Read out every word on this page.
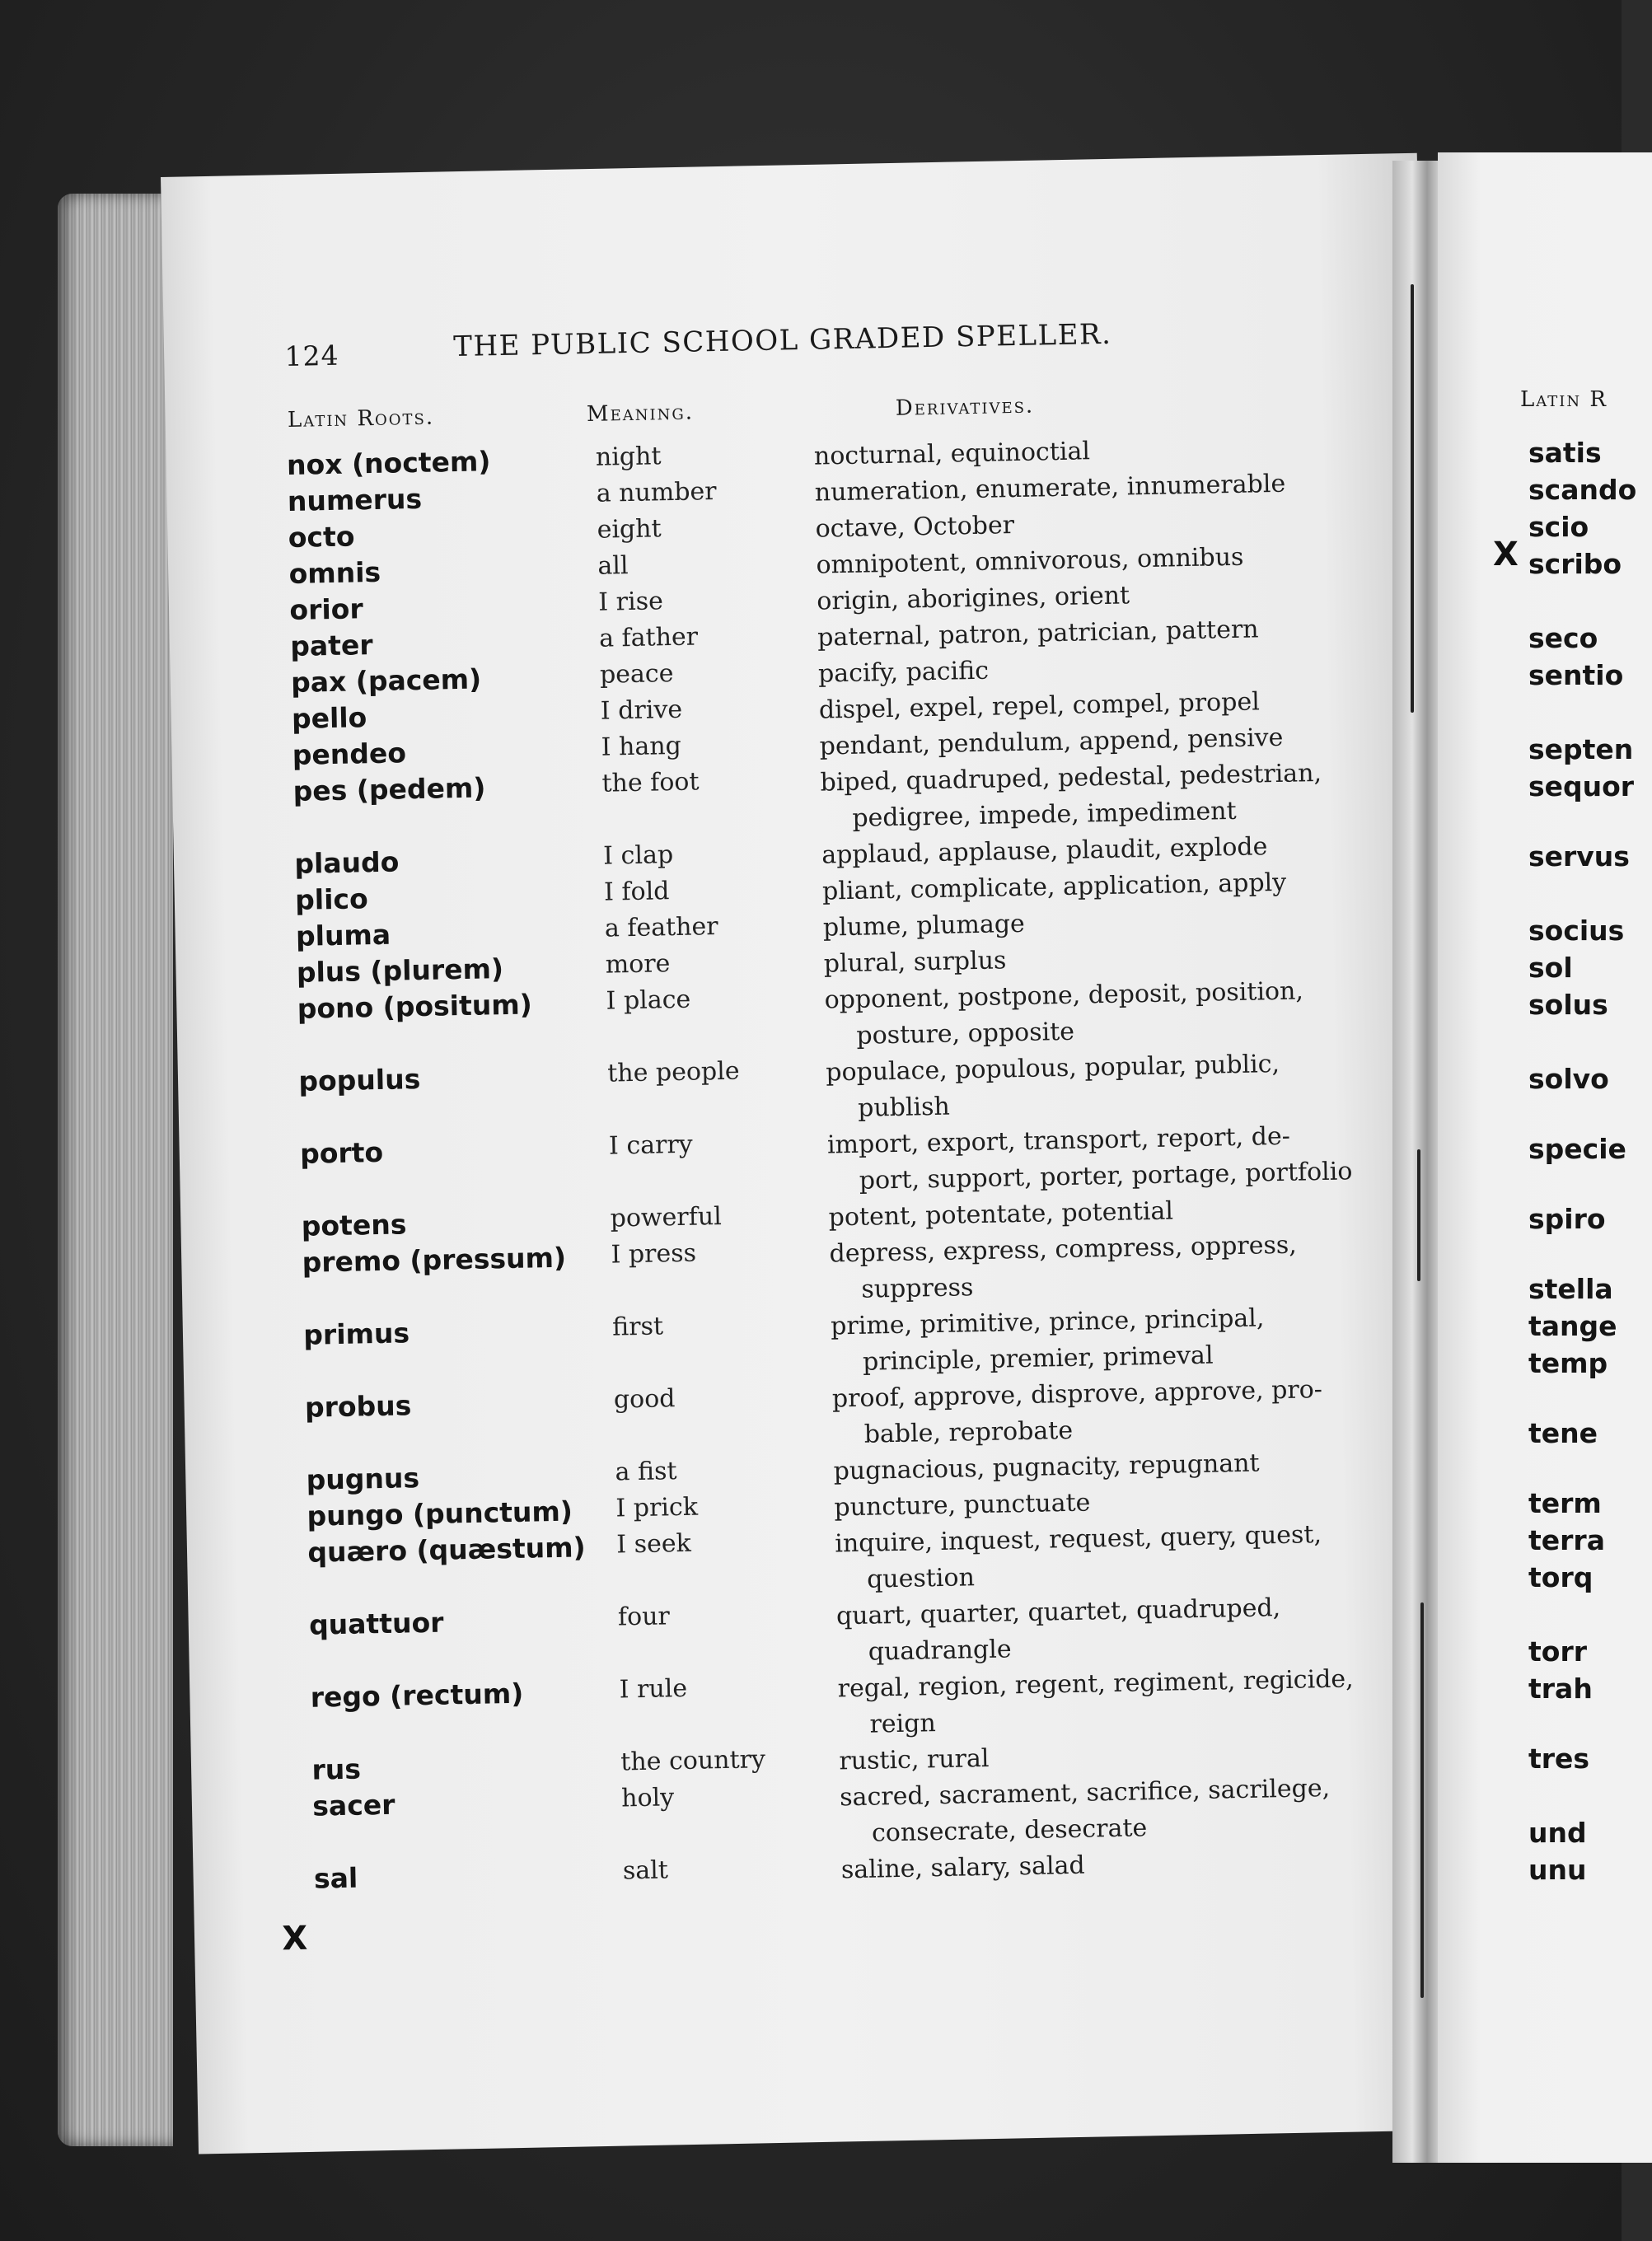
124	THE PUBLIC SCHOOL GRADED SPELLER.
Latin Roots.	Meaning.	Derivatives.
nox (noctem)	night	nocturnal, equinoctial
numerus	a number	numeration, enumerate, innumerable
octo	eight	octave, October
omnis	all	omnipotent, omnivorous, omnibus
orior	I rise	origin, aborigines, orient
pater	a father	paternal, patron, patrician, pattern
pax (pacem)	peace	pacify, pacific
pello	I drive	dispel, expel, repel, compel, propel
pendeo	I hang	pendant, pendulum, append, pensive
pes (pedem)	the foot	biped, quadruped, pedestal, pedestrian,
pedigree, impede, impediment
plaudo	I clap	applaud, applause, plaudit, explode
plico	I fold	pliant, complicate, application, apply
pluma	a feather	plume, plumage
plus (plurem)	more	plural, surplus
pono (positum)	I place	opponent, postpone, deposit, position,
posture, opposite
populus	the people	populace, populous, popular, public,
publish
porto	I carry	import, export, transport, report, de-
port, support, porter, portage, portfolio
potens	powerful	potent, potentate, potential
premo (pressum)	I press	depress, express, compress, oppress,
suppress
primus	first	prime, primitive, prince, principal,
principle, premier, primeval
probus	good	proof, approve, disprove, approve, pro-
bable, reprobate
pugnus	a fist	pugnacious, pugnacity, repugnant
pungo (punctum)	I prick	puncture, punctuate
quæro (quæstum)	I seek	inquire, inquest, request, query, quest,
question
quattuor	four	quart, quarter, quartet, quadruped,
quadrangle
rego (rectum)	I rule	regal, region, regent, regiment, regicide,
reign
rus	the country	rustic, rural
sacer	holy	sacred, sacrament, sacrifice, sacrilege,
consecrate, desecrate
sal	salt	saline, salary, salad
X
Latin R
satis
scando
scio
scribo
seco
sentio
septen
sequor
servus
socius
sol
solus
solvo
specie
spiro
stella
tange
temp
tene
term
terra
torq
torr
trah
tres
und
unu
X
